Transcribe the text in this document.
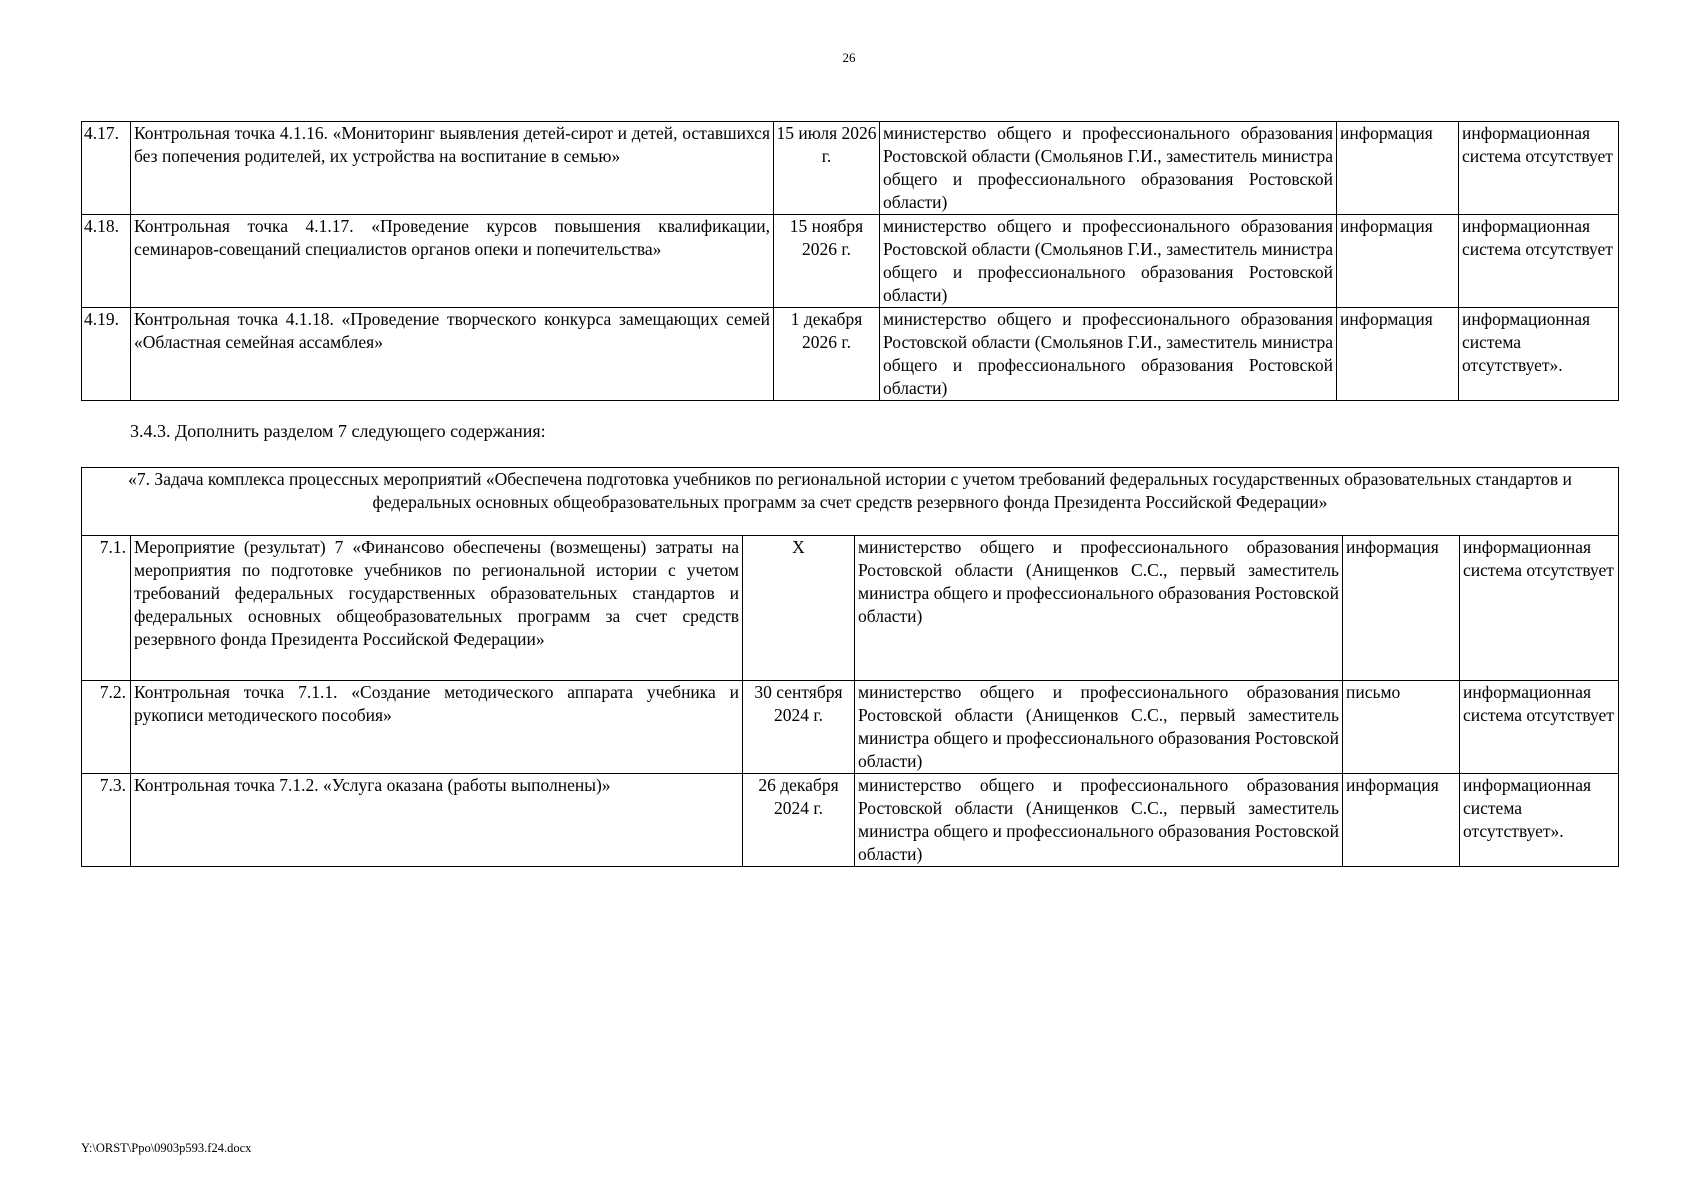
26
4.17.	Контрольная точка 4.1.16. «Мониторинг выявления детей-сирот и детей, оставшихся без попечения родителей, их устройства на воспитание в семью»	15 июля 2026 г.	министерство общего и профессионального образования Ростовской области (Смольянов Г.И., заместитель министра общего и профессионального образования Ростовской области)	информация	информационная система отсутствует
4.18.	Контрольная точка 4.1.17. «Проведение курсов повышения квалификации, семинаров-совещаний специалистов органов опеки и попечительства»	15 ноября 2026 г.	министерство общего и профессионального образования Ростовской области (Смольянов Г.И., заместитель министра общего и профессионального образования Ростовской области)	информация	информационная система отсутствует
4.19.	Контрольная точка 4.1.18. «Проведение творческого конкурса замещающих семей «Областная семейная ассамблея»	1 декабря 2026 г.	министерство общего и профессионального образования Ростовской области (Смольянов Г.И., заместитель министра общего и профессионального образования Ростовской области)	информация	информационная система отсутствует».
3.4.3. Дополнить разделом 7 следующего содержания:
«7. Задача комплекса процессных мероприятий «Обеспечена подготовка учебников по региональной истории с учетом требований федеральных государственных образовательных стандартов и федеральных основных общеобразовательных программ за счет средств резервного фонда Президента Российской Федерации»					
7.1.	Мероприятие (результат) 7 «Финансово обеспечены (возмещены) затраты на мероприятия по подготовке учебников по региональной истории с учетом требований федеральных государственных образовательных стандартов и федеральных основных общеобразовательных программ за счет средств резервного фонда Президента Российской Федерации»	Х	министерство общего и профессионального образования Ростовской области (Анищенков С.С., первый заместитель министра общего и профессионального образования Ростовской области)	информация	информационная система отсутствует
7.2.	Контрольная точка 7.1.1. «Создание методического аппарата учебника и рукописи методического пособия»	30 сентября 2024 г.	министерство общего и профессионального образования Ростовской области (Анищенков С.С., первый заместитель министра общего и профессионального образования Ростовской области)	письмо	информационная система отсутствует
7.3.	Контрольная точка 7.1.2. «Услуга оказана (работы выполнены)»	26 декабря 2024 г.	министерство общего и профессионального образования Ростовской области (Анищенков С.С., первый заместитель министра общего и профессионального образования Ростовской области)	информация	информационная система отсутствует».
Y:\ORST\Ppo\0903p593.f24.docx
